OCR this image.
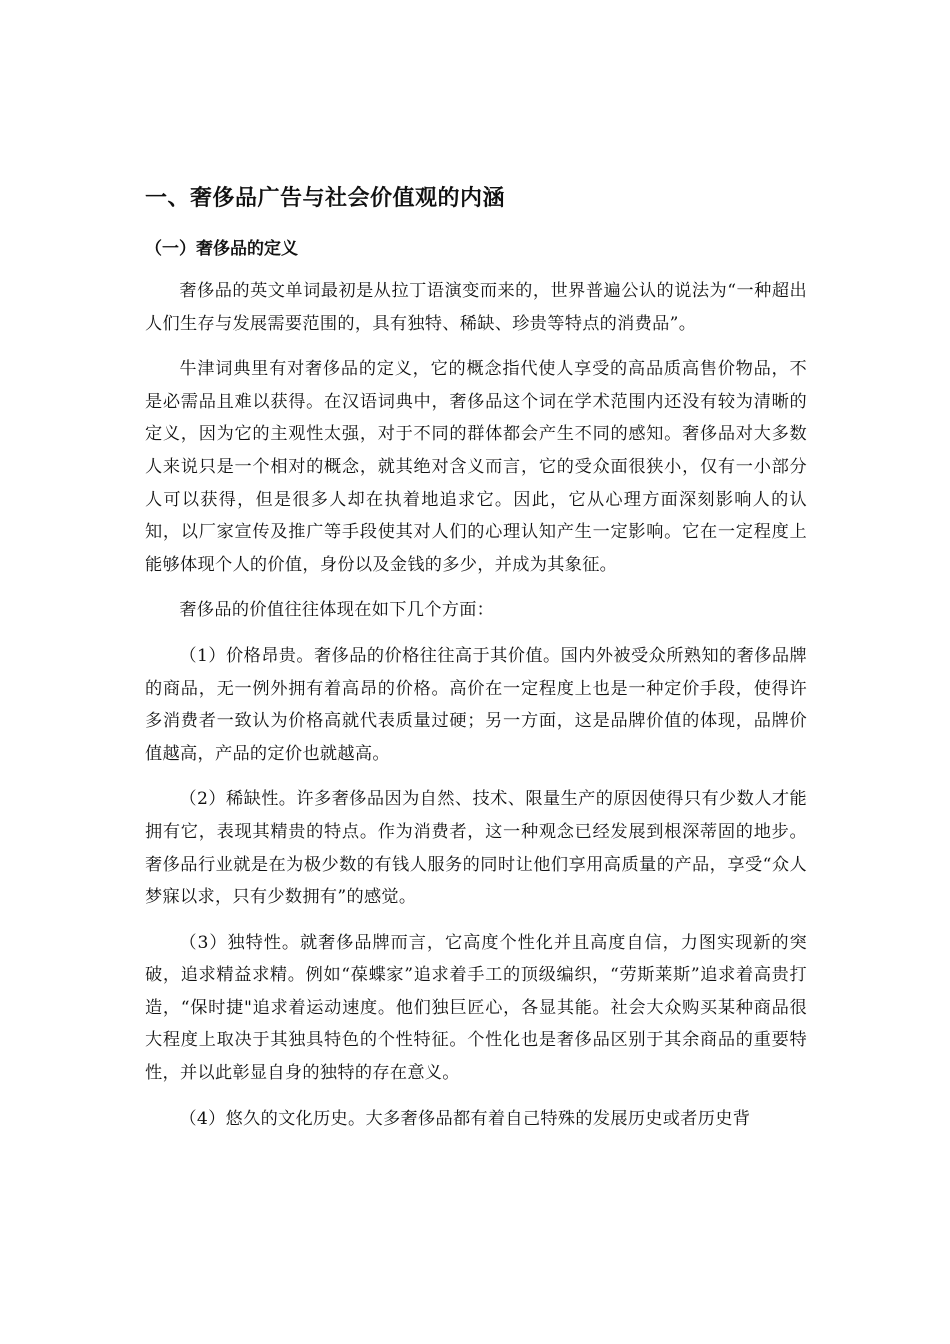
一、奢侈品广告与社会价值观的内涵
（一）奢侈品的定义

奢侈品的英文单词最初是从拉丁语演变而来的，世界普遍公认的说法为“一种超出人们生存与发展需要范围的，具有独特、稀缺、珍贵等特点的消费品”。

牛津词典里有对奢侈品的定义，它的概念指代使人享受的高品质高售价物品，不是必需品且难以获得。在汉语词典中，奢侈品这个词在学术范围内还没有较为清晰的定义，因为它的主观性太强，对于不同的群体都会产生不同的感知。奢侈品对大多数人来说只是一个相对的概念，就其绝对含义而言，它的受众面很狭小，仅有一小部分人可以获得，但是很多人却在执着地追求它。因此，它从心理方面深刻影响人的认知，以厂家宣传及推广等手段使其对人们的心理认知产生一定影响。它在一定程度上能够体现个人的价值，身份以及金钱的多少，并成为其象征。

奢侈品的价值往往体现在如下几个方面：

（1）价格昂贵。奢侈品的价格往往高于其价值。国内外被受众所熟知的奢侈品牌的商品，无一例外拥有着高昂的价格。高价在一定程度上也是一种定价手段，使得许多消费者一致认为价格高就代表质量过硬；另一方面，这是品牌价值的体现，品牌价值越高，产品的定价也就越高。

（2）稀缺性。许多奢侈品因为自然、技术、限量生产的原因使得只有少数人才能拥有它，表现其精贵的特点。作为消费者，这一种观念已经发展到根深蒂固的地步。奢侈品行业就是在为极少数的有钱人服务的同时让他们享用高质量的产品，享受“众人梦寐以求，只有少数拥有”的感觉。

（3）独特性。就奢侈品牌而言，它高度个性化并且高度自信，力图实现新的突破，追求精益求精。例如“葆蝶家”追求着手工的顶级编织，“劳斯莱斯”追求着高贵打造，“保时捷"追求着运动速度。他们独巨匠心，各显其能。社会大众购买某种商品很大程度上取决于其独具特色的个性特征。个性化也是奢侈品区别于其余商品的重要特性，并以此彰显自身的独特的存在意义。

（4）悠久的文化历史。大多奢侈品都有着自己特殊的发展历史或者历史背
